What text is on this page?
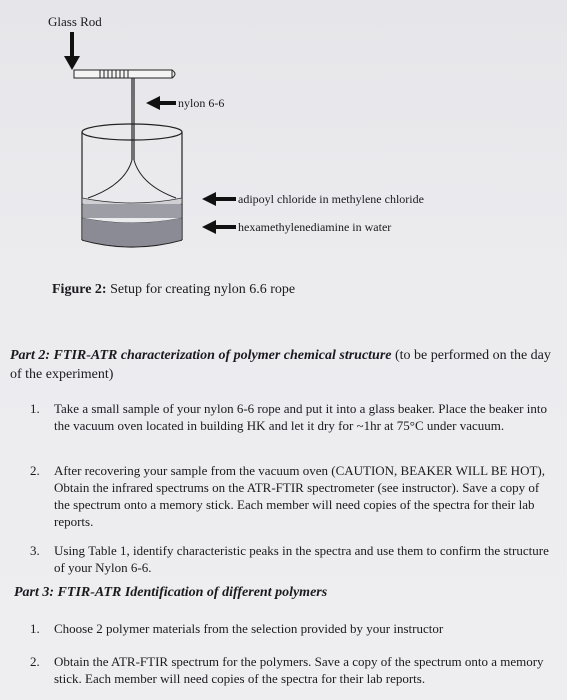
Glass Rod
nylon 6-6
adipoyl chloride in methylene chloride
hexamethylenediamine in water
Figure 2: Setup for creating nylon 6.6 rope
Part 2: FTIR-ATR characterization of polymer chemical structure (to be performed on the day of the experiment)
1. Take a small sample of your nylon 6-6 rope and put it into a glass beaker. Place the beaker into the vacuum oven located in building HK and let it dry for ~1hr at 75°C under vacuum.
2. After recovering your sample from the vacuum oven (CAUTION, BEAKER WILL BE HOT), Obtain the infrared spectrums on the ATR-FTIR spectrometer (see instructor). Save a copy of the spectrum onto a memory stick. Each member will need copies of the spectra for their lab reports.
3. Using Table 1, identify characteristic peaks in the spectra and use them to confirm the structure of your Nylon 6-6.
Part 3: FTIR-ATR Identification of different polymers
1. Choose 2 polymer materials from the selection provided by your instructor
2. Obtain the ATR-FTIR spectrum for the polymers. Save a copy of the spectrum onto a memory stick. Each member will need copies of the spectra for their lab reports.
